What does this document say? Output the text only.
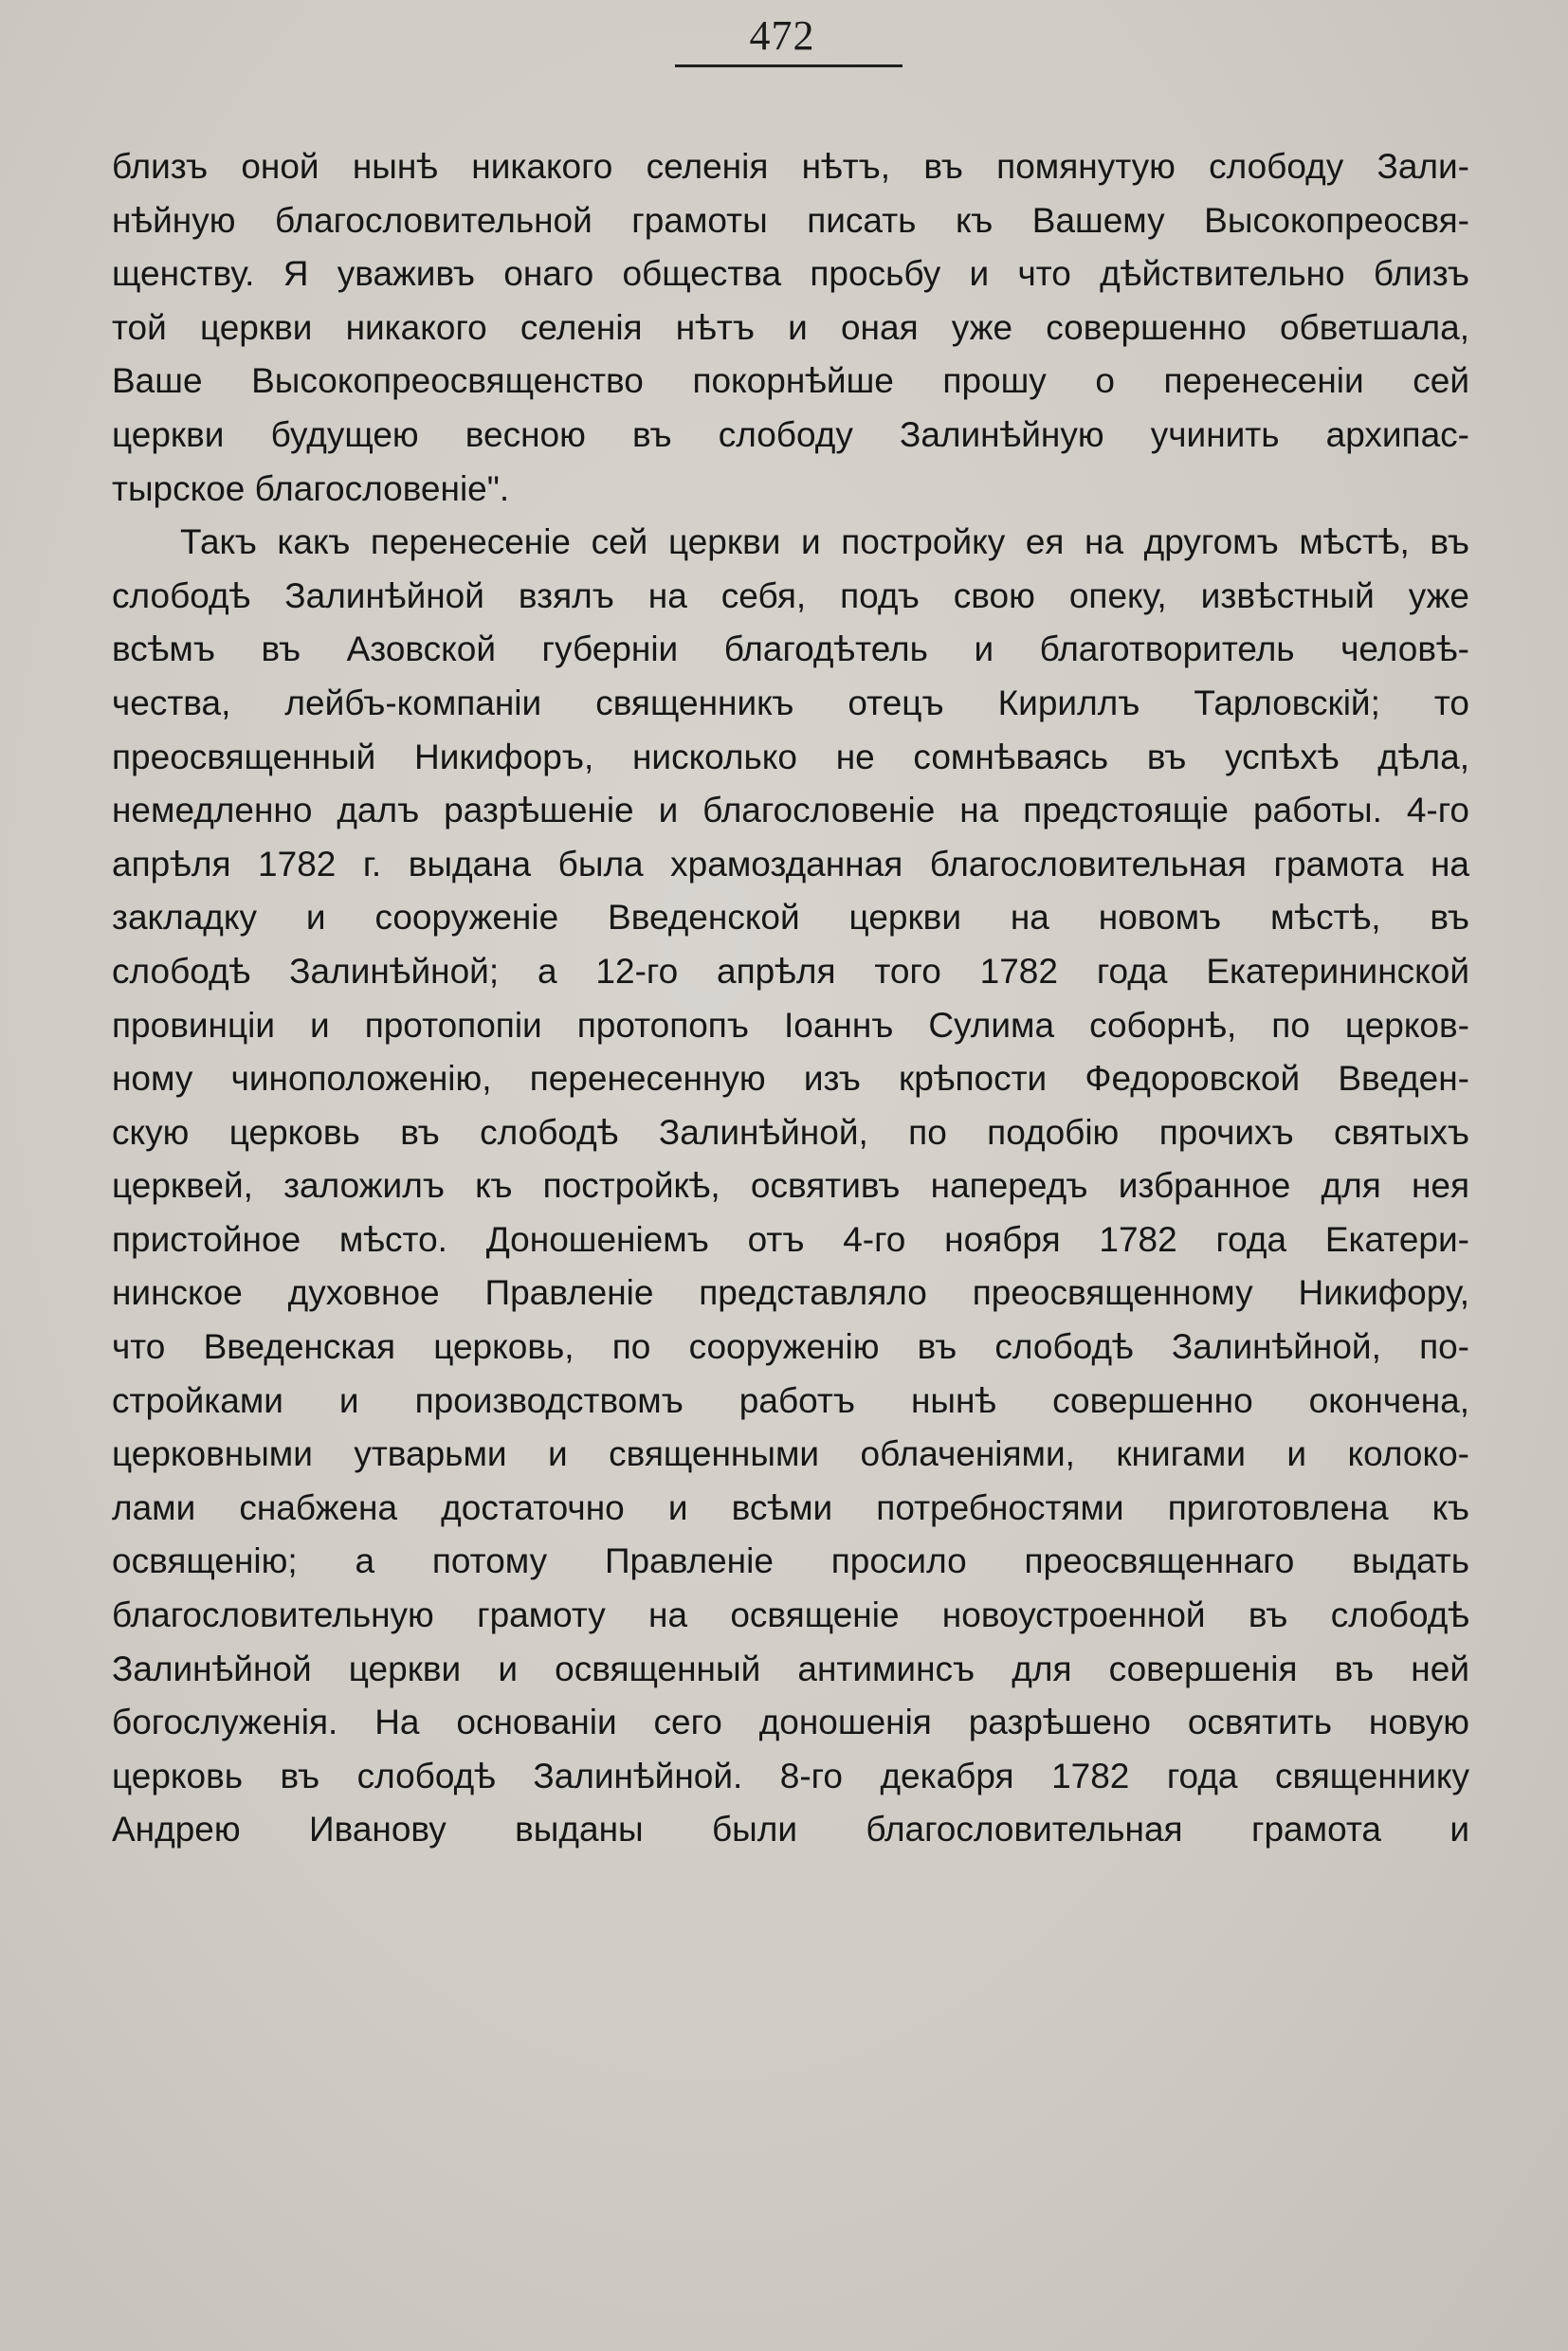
472
близъ оной нынѣ никакого селенія нѣтъ, въ помянутую слободу Зали-
нѣйную благословительной грамоты писать къ Вашему Высокопреосвя-
щенству. Я уваживъ онаго общества просьбу и что дѣйствительно близъ
той церкви никакого селенія нѣтъ и оная уже совершенно обветшала,
Ваше Высокопреосвященство покорнѣйше прошу о перенесеніи сей
церкви будущею весною въ слободу Залинѣйную учинить архипас-
тырское благословеніе".
Такъ какъ перенесеніе сей церкви и постройку ея на другомъ мѣстѣ, въ
слободѣ Залинѣйной взялъ на себя, подъ свою опеку, извѣстный уже
всѣмъ въ Азовской губерніи благодѣтель и благотворитель человѣ-
чества, лейбъ-компаніи священникъ отецъ Кириллъ Тарловскій; то
преосвященный Никифоръ, нисколько не сомнѣваясь въ успѣхѣ дѣла,
немедленно далъ разрѣшеніе и благословеніе на предстоящіе работы. 4-го
апрѣля 1782 г. выдана была храмозданная благословительная грамота на
закладку и сооруженіе Введенской церкви на новомъ мѣстѣ, въ
слободѣ Залинѣйной; а 12-го апрѣля того 1782 года Екатерининской
провинціи и протопопіи протопопъ Іоаннъ Сулима соборнѣ, по церков-
ному чиноположенію, перенесенную изъ крѣпости Федоровской Введен-
скую церковь въ слободѣ Залинѣйной, по подобію прочихъ святыхъ
церквей, заложилъ къ постройкѣ, освятивъ напередъ избранное для нея
пристойное мѣсто. Доношеніемъ отъ 4-го ноября 1782 года Екатери-
нинское духовное Правленіе представляло преосвященному Никифору,
что Введенская церковь, по сооруженію въ слободѣ Залинѣйной, по-
стройками и производствомъ работъ нынѣ совершенно окончена,
церковными утварьми и священными облаченіями, книгами и колоко-
лами снабжена достаточно и всѣми потребностями приготовлена къ
освященію; а потому Правленіе просило преосвященнаго выдать
благословительную грамоту на освященіе новоустроенной въ слободѣ
Залинѣйной церкви и освященный антиминсъ для совершенія въ ней
богослуженія. На основаніи сего доношенія разрѣшено освятить новую
церковь въ слободѣ Залинѣйной. 8-го декабря 1782 года священнику
Андрею Иванову выданы были благословительная грамота и
